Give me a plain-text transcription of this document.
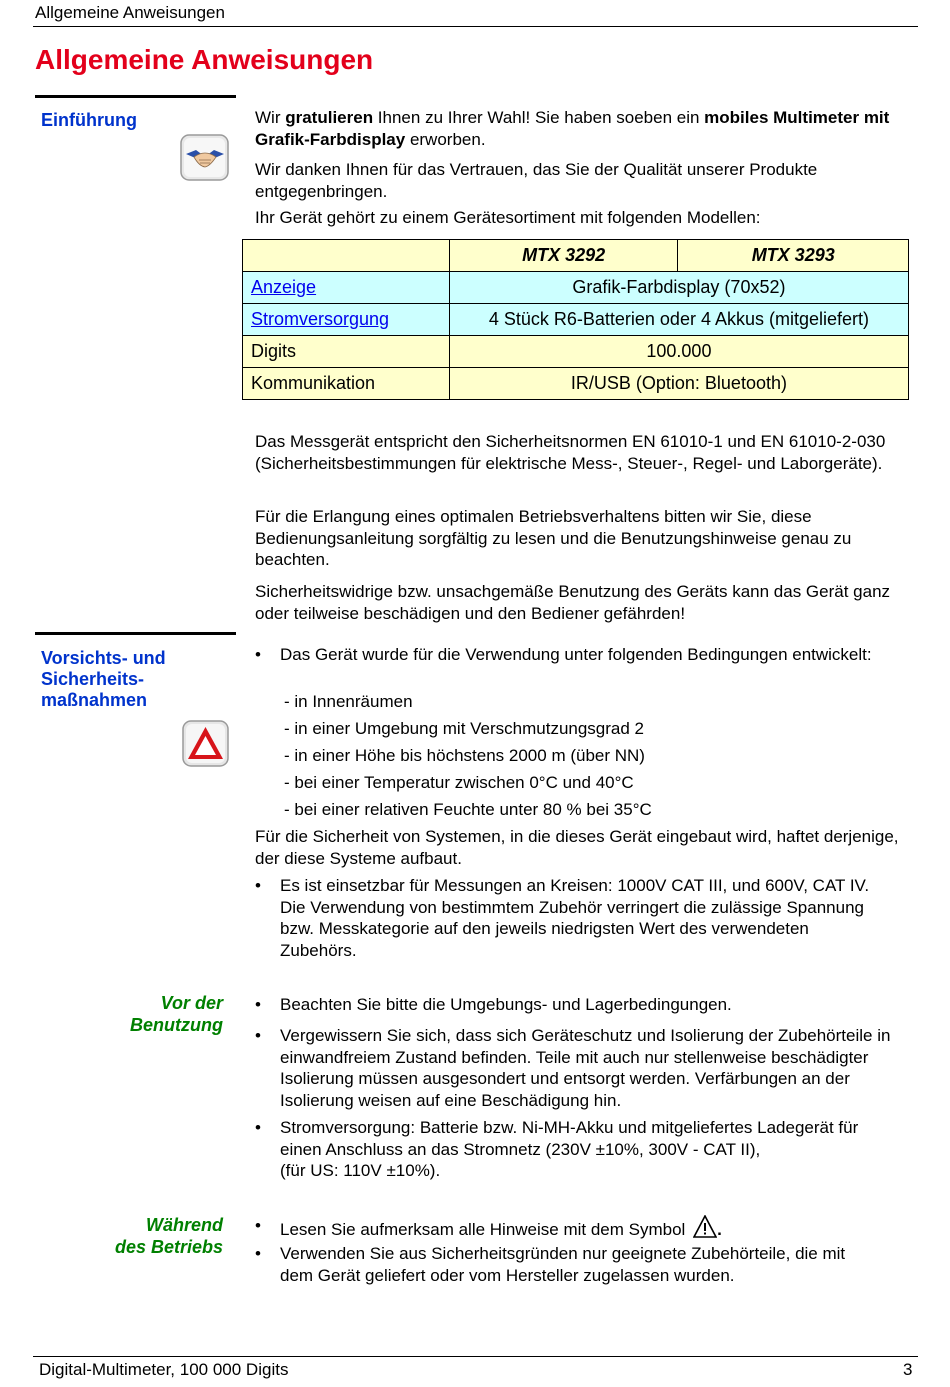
Allgemeine Anweisungen
Allgemeine Anweisungen
Einführung	Wir gratulieren Ihnen zu Ihrer Wahl! Sie haben soeben ein mobiles Multimeter mit Grafik-Farbdisplay erworben.
Wir danken Ihnen für das Vertrauen, das Sie der Qualität unserer Produkte entgegenbringen.
Ihr Gerät gehört zu einem Gerätesortiment mit folgenden Modellen:
	MTX 3292	MTX 3293
Anzeige	Grafik-Farbdisplay (70x52)	
Stromversorgung	4 Stück R6-Batterien oder 4 Akkus (mitgeliefert)	
Digits	100.000	
Kommunikation	IR/USB (Option: Bluetooth)	
Das Messgerät entspricht den Sicherheitsnormen EN 61010-1 und EN 61010-2-030 (Sicherheitsbestimmungen für elektrische Mess-, Steuer-, Regel- und Laborgeräte).
Für die Erlangung eines optimalen Betriebsverhaltens bitten wir Sie, diese Bedienungsanleitung sorgfältig zu lesen und die Benutzungshinweise genau zu beachten.
Sicherheitswidrige bzw. unsachgemäße Benutzung des Geräts kann das Gerät ganz oder teilweise beschädigen und den Bediener gefährden!
Vorsichts- und
Sicherheits-
maßnahmen
• Das Gerät wurde für die Verwendung unter folgenden Bedingungen entwickelt:
- in Innenräumen
- in einer Umgebung mit Verschmutzungsgrad 2
- in einer Höhe bis höchstens 2000 m (über NN)
- bei einer Temperatur zwischen 0°C und 40°C
- bei einer relativen Feuchte unter 80 % bei 35°C
Für die Sicherheit von Systemen, in die dieses Gerät eingebaut wird, haftet derjenige, der diese Systeme aufbaut.
• Es ist einsetzbar für Messungen an Kreisen: 1000V CAT III, und 600V, CAT IV.
Die Verwendung von bestimmtem Zubehör verringert die zulässige Spannung bzw. Messkategorie auf den jeweils niedrigsten Wert des verwendeten Zubehörs.
Vor der
Benutzung
• Beachten Sie bitte die Umgebungs- und Lagerbedingungen.
• Vergewissern Sie sich, dass sich Geräteschutz und Isolierung der Zubehörteile in einwandfreiem Zustand befinden. Teile mit auch nur stellenweise beschädigter Isolierung müssen ausgesondert und entsorgt werden. Verfärbungen an der Isolierung weisen auf eine Beschädigung hin.
• Stromversorgung: Batterie bzw. Ni-MH-Akku und mitgeliefertes Ladegerät für einen Anschluss an das Stromnetz (230V ±10%, 300V - CAT II),
(für US: 110V ±10%).
Während
des Betriebs
• Lesen Sie aufmerksam alle Hinweise mit dem Symbol .
• Verwenden Sie aus Sicherheitsgründen nur geeignete Zubehörteile, die mit dem Gerät geliefert oder vom Hersteller zugelassen wurden.
Digital-Multimeter, 100 000 Digits	3
